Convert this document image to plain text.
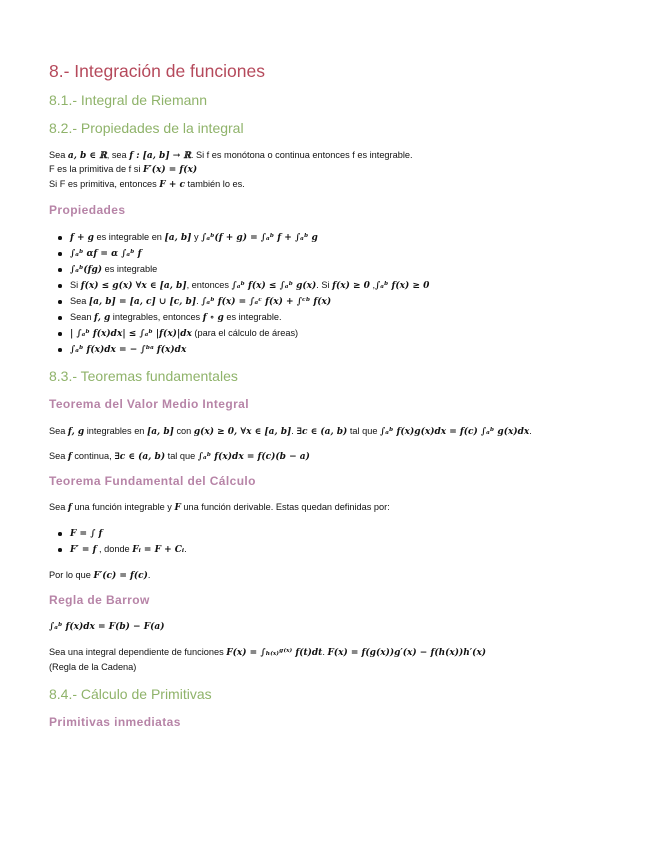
8.- Integración de funciones
8.1.- Integral de Riemann
8.2.- Propiedades de la integral
Sea a, b ∈ ℝ, sea f : [a, b] → ℝ. Si f es monótona o continua entonces f es integrable.
F es la primitiva de f si F′(x) = f(x)
Si F es primitiva, entonces F + c también lo es.
Propiedades
f + g es integrable en [a, b] y ∫ₐᵇ(f + g) = ∫ₐᵇ f + ∫ₐᵇ g
∫ₐᵇ αf = α ∫ₐᵇ f
∫ₐᵇ(fg) es integrable
Si f(x) ≤ g(x) ∀x ∈ [a, b], entonces ∫ₐᵇ f(x) ≤ ∫ₐᵇ g(x). Si f(x) ≥ 0 ,∫ₐᵇ f(x) ≥ 0
Sea [a, b] = [a, c] ∪ [c, b]. ∫ₐᵇ f(x) = ∫ₐᶜ f(x) + ∫ᶜᵇ f(x)
Sean f, g integrables, entonces f ∘ g es integrable.
| ∫ₐᵇ f(x)dx| ≤ ∫ₐᵇ |f(x)|dx (para el cálculo de áreas)
∫ₐᵇ f(x)dx = − ∫ᵇᵃ f(x)dx
8.3.- Teoremas fundamentales
Teorema del Valor Medio Integral
Sea f, g integrables en [a, b] con g(x) ≥ 0, ∀x ∈ [a, b]. ∃c ∈ (a, b) tal que ∫ₐᵇ f(x)g(x)dx = f(c) ∫ₐᵇ g(x)dx.
Sea f continua, ∃c ∈ (a, b) tal que ∫ₐᵇ f(x)dx = f(c)(b − a)
Teorema Fundamental del Cálculo
Sea f una función integrable y F una función derivable. Estas quedan definidas por:
F = ∫ f
F′ = f , donde Fᵢ = F + Cᵢ.
Por lo que F′(c) = f(c).
Regla de Barrow
∫ₐᵇ f(x)dx = F(b) − F(a)
Sea una integral dependiente de funciones F(x) = ∫ₕ₍ₓ₎ᵍ⁽ˣ⁾ f(t)dt. F(x) = f(g(x))g′(x) − f(h(x))h′(x)
(Regla de la Cadena)
8.4.- Cálculo de Primitivas
Primitivas inmediatas
